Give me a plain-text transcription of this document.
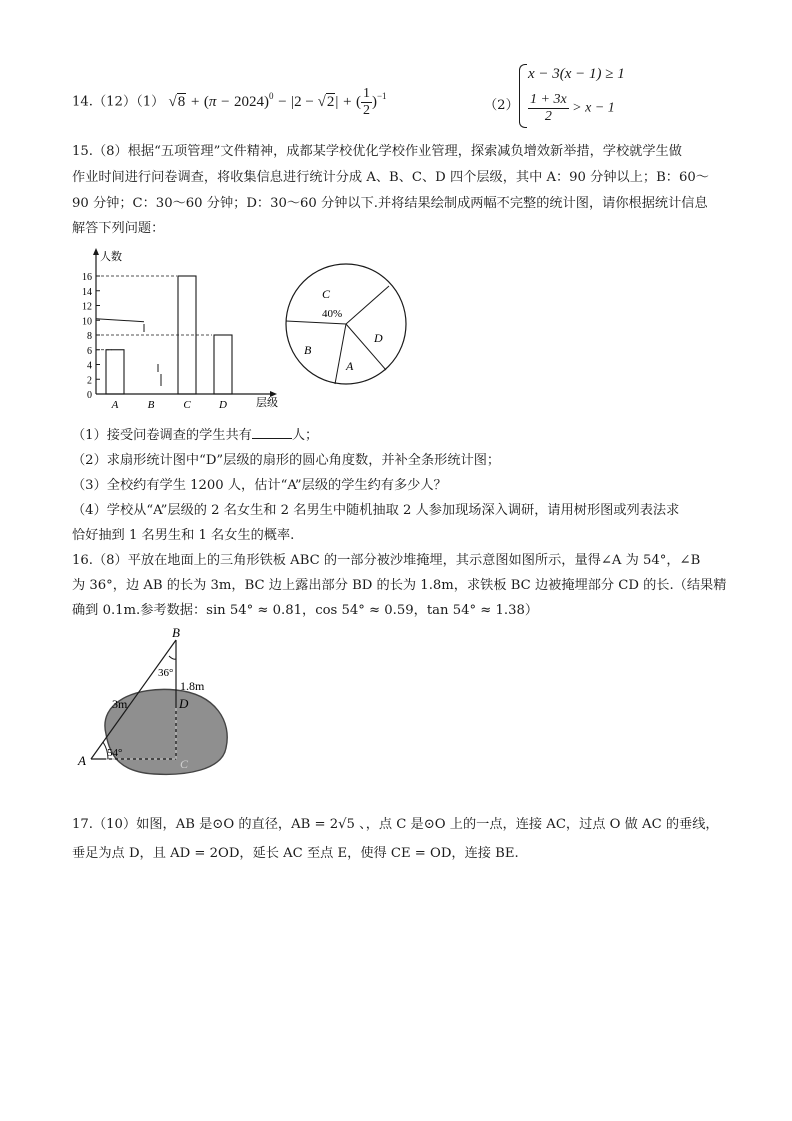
14.（12）（1） $√8 + (\pi - 2024)^0 - |2 - √2|$ + ( $\frac{1}{2} )^{-1}$
（2）
x − 3(x − 1) ≥ 1
$\frac{1 + 3x}{2} > x - 1$
15.（8）根据“五项管理”文件精神，成都某学校优化学校作业管理，探索减负增效新举措，学校就学生做
作业时间进行问卷调查，将收集信息进行统计分成 A、B、C、D 四个层级，其中 A：90 分钟以上；B：60～
90 分钟；C：30～60 分钟；D：30～60 分钟以下.并将结果绘制成两幅不完整的统计图，请你根据统计信息
解答下列问题：
人数
层级
0
2
4
6
8
10
12
14
16
A	B	C	D
C
40%
B
A
D
（1）接受问卷调查的学生共有	人；
（2）求扇形统计图中“D”层级的扇形的圆心角度数，并补全条形统计图；
（3）全校约有学生 1200 人，估计“A”层级的学生约有多少人？
（4）学校从“A”层级的 2 名女生和 2 名男生中随机抽取 2 人参加现场深入调研，请用树形图或列表法求
恰好抽到 1 名男生和 1 名女生的概率.
16.（8）平放在地面上的三角形铁板 ABC 的一部分被沙堆掩埋，其示意图如图所示，量得∠A 为 54°，∠B
为 36°，边 AB 的长为 3m，BC 边上露出部分 BD 的长为 1.8m，求铁板 BC 边被掩埋部分 CD 的长.（结果精
确到 0.1m.参考数据：sin 54° ≈ 0.81，cos 54° ≈ 0.59，tan 54° ≈ 1.38）
B
A
D
C
36°
54°
3m
1.8m
17.（10）如图，AB 是⊙O 的直径，AB = 2√5 、，点 C 是⊙O 上的一点，连接 AC，过点 O 做 AC 的垂线，
垂足为点 D，且 AD = 2OD，延长 AC 至点 E，使得 CE = OD，连接 BE.
